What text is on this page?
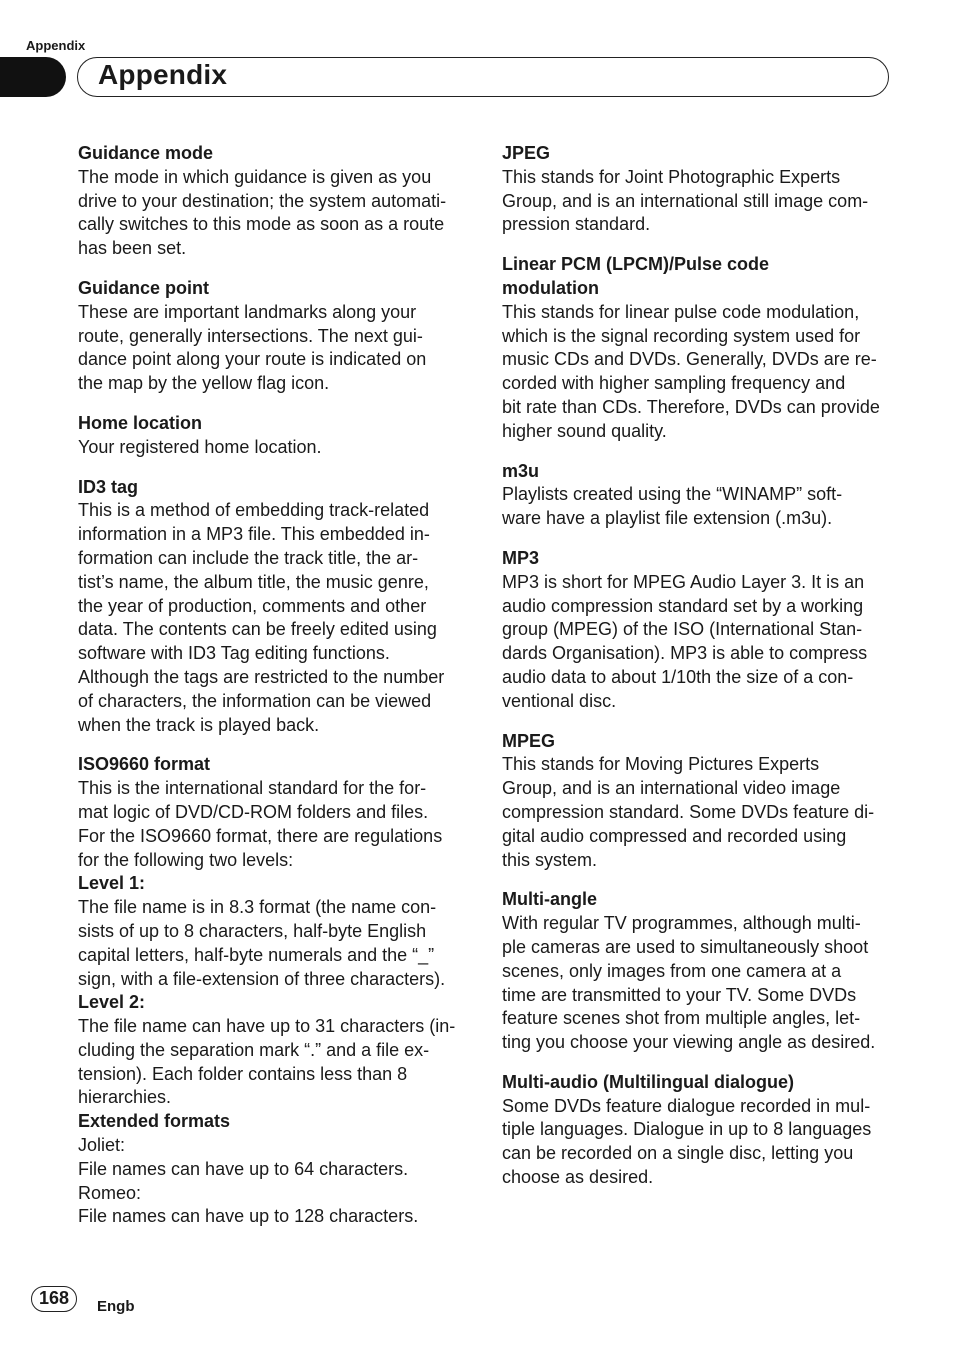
Appendix
Appendix
Guidance mode
The mode in which guidance is given as you
drive to your destination; the system automati-
cally switches to this mode as soon as a route
has been set.
Guidance point
These are important landmarks along your
route, generally intersections. The next gui-
dance point along your route is indicated on
the map by the yellow flag icon.
Home location
Your registered home location.
ID3 tag
This is a method of embedding track-related
information in a MP3 file. This embedded in-
formation can include the track title, the ar-
tist’s name, the album title, the music genre,
the year of production, comments and other
data. The contents can be freely edited using
software with ID3 Tag editing functions.
Although the tags are restricted to the number
of characters, the information can be viewed
when the track is played back.
ISO9660 format
This is the international standard for the for-
mat logic of DVD/CD-ROM folders and files.
For the ISO9660 format, there are regulations
for the following two levels:
Level 1:
The file name is in 8.3 format (the name con-
sists of up to 8 characters, half-byte English
capital letters, half-byte numerals and the “_”
sign, with a file-extension of three characters).
Level 2:
The file name can have up to 31 characters (in-
cluding the separation mark “.” and a file ex-
tension). Each folder contains less than 8
hierarchies.
Extended formats
Joliet:
File names can have up to 64 characters.
Romeo:
File names can have up to 128 characters.
JPEG
This stands for Joint Photographic Experts
Group, and is an international still image com-
pression standard.
Linear PCM (LPCM)/Pulse code
modulation
This stands for linear pulse code modulation,
which is the signal recording system used for
music CDs and DVDs. Generally, DVDs are re-
corded with higher sampling frequency and
bit rate than CDs. Therefore, DVDs can provide
higher sound quality.
m3u
Playlists created using the “WINAMP” soft-
ware have a playlist file extension (.m3u).
MP3
MP3 is short for MPEG Audio Layer 3. It is an
audio compression standard set by a working
group (MPEG) of the ISO (International Stan-
dards Organisation). MP3 is able to compress
audio data to about 1/10th the size of a con-
ventional disc.
MPEG
This stands for Moving Pictures Experts
Group, and is an international video image
compression standard. Some DVDs feature di-
gital audio compressed and recorded using
this system.
Multi-angle
With regular TV programmes, although multi-
ple cameras are used to simultaneously shoot
scenes, only images from one camera at a
time are transmitted to your TV. Some DVDs
feature scenes shot from multiple angles, let-
ting you choose your viewing angle as desired.
Multi-audio (Multilingual dialogue)
Some DVDs feature dialogue recorded in mul-
tiple languages. Dialogue in up to 8 languages
can be recorded on a single disc, letting you
choose as desired.
168	Engb
